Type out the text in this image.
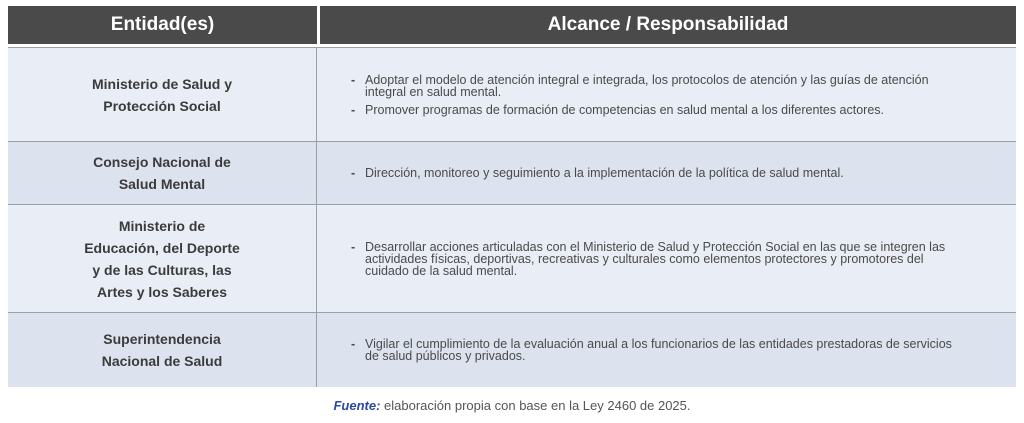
Entidad(es)	Alcance / Responsabilidad
Ministerio de Salud y
Protección Social
- Adoptar el modelo de atención integral e integrada, los protocolos de atención y las guías de atención integral en salud mental.
- Promover programas de formación de competencias en salud mental a los diferentes actores.
Consejo Nacional de
Salud Mental
- Dirección, monitoreo y seguimiento a la implementación de la política de salud mental.
Ministerio de
Educación, del Deporte
y de las Culturas, las
Artes y los Saberes
- Desarrollar acciones articuladas con el Ministerio de Salud y Protección Social en las que se integren las actividades físicas, deportivas, recreativas y culturales como elementos protectores y promotores del cuidado de la salud mental.
Superintendencia
Nacional de Salud
- Vigilar el cumplimiento de la evaluación anual a los funcionarios de las entidades prestadoras de servicios de salud públicos y privados.
Fuente: elaboración propia con base en la Ley 2460 de 2025.
